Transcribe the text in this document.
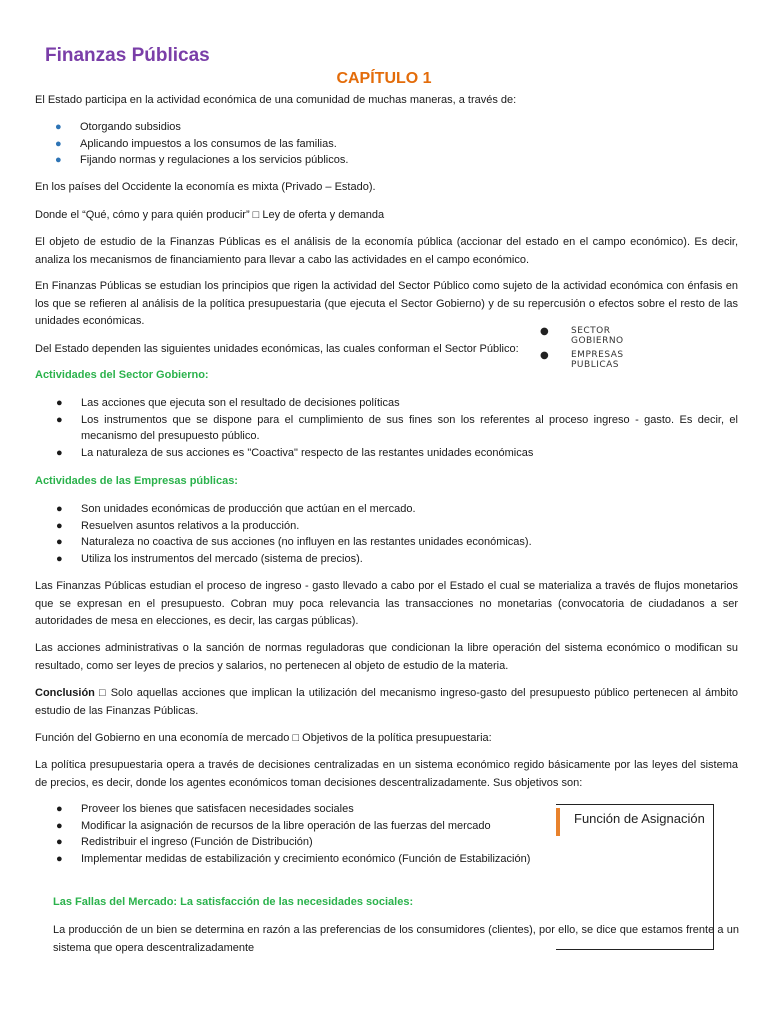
Finanzas Públicas
CAPÍTULO 1
El Estado participa en la actividad económica de una comunidad de muchas maneras, a través de:
● Otorgando subsidios
● Aplicando impuestos a los consumos de las familias.
● Fijando normas y regulaciones a los servicios públicos.
En los países del Occidente la economía es mixta (Privado – Estado).
Donde el “Qué, cómo y para quién producir” □ Ley de oferta y demanda
El objeto de estudio de la Finanzas Públicas es el análisis de la economía pública (accionar del estado en el campo económico). Es decir, analiza los mecanismos de financiamiento para llevar a cabo las actividades en el campo económico.
En Finanzas Públicas se estudian los principios que rigen la actividad del Sector Público como sujeto de la actividad económica con énfasis en los que se refieren al análisis de la política presupuestaria (que ejecuta el Sector Gobierno) y de su repercusión o efectos sobre el resto de las unidades económicas.
● SECTOR
GOBIERNO
● EMPRESAS
PUBLICAS
Del Estado dependen las siguientes unidades económicas, las cuales conforman el Sector Público:
Actividades del Sector Gobierno:
● Las acciones que ejecuta son el resultado de decisiones políticas
● Los instrumentos que se dispone para el cumplimiento de sus fines son los referentes al proceso ingreso - gasto. Es decir, el mecanismo del presupuesto público.
● La naturaleza de sus acciones es "Coactiva" respecto de las restantes unidades económicas
Actividades de las Empresas públicas:
● Son unidades económicas de producción que actúan en el mercado.
● Resuelven asuntos relativos a la producción.
● Naturaleza no coactiva de sus acciones (no influyen en las restantes unidades económicas).
● Utiliza los instrumentos del mercado (sistema de precios).
Las Finanzas Públicas estudian el proceso de ingreso - gasto llevado a cabo por el Estado el cual se materializa a través de flujos monetarios que se expresan en el presupuesto. Cobran muy poca relevancia las transacciones no monetarias (convocatoria de ciudadanos a ser autoridades de mesa en elecciones, es decir, las cargas públicas).
Las acciones administrativas o la sanción de normas reguladoras que condicionan la libre operación del sistema económico o modifican su resultado, como ser leyes de precios y salarios, no pertenecen al objeto de estudio de la materia.
Conclusión □ Solo aquellas acciones que implican la utilización del mecanismo ingreso-gasto del presupuesto público pertenecen al ámbito estudio de las Finanzas Públicas.
Función del Gobierno en una economía de mercado □ Objetivos de la política presupuestaria:
La política presupuestaria opera a través de decisiones centralizadas en un sistema económico regido básicamente por las leyes del sistema de precios, es decir, donde los agentes económicos toman decisiones descentralizadamente. Sus objetivos son:
Función de Asignación
● Proveer los bienes que satisfacen necesidades sociales
● Modificar la asignación de recursos de la libre operación de las fuerzas del mercado
● Redistribuir el ingreso (Función de Distribución)
● Implementar medidas de estabilización y crecimiento económico (Función de Estabilización)
Las Fallas del Mercado: La satisfacción de las necesidades sociales:
La producción de un bien se determina en razón a las preferencias de los consumidores (clientes), por ello, se dice que estamos frente a un sistema que opera descentralizadamente
